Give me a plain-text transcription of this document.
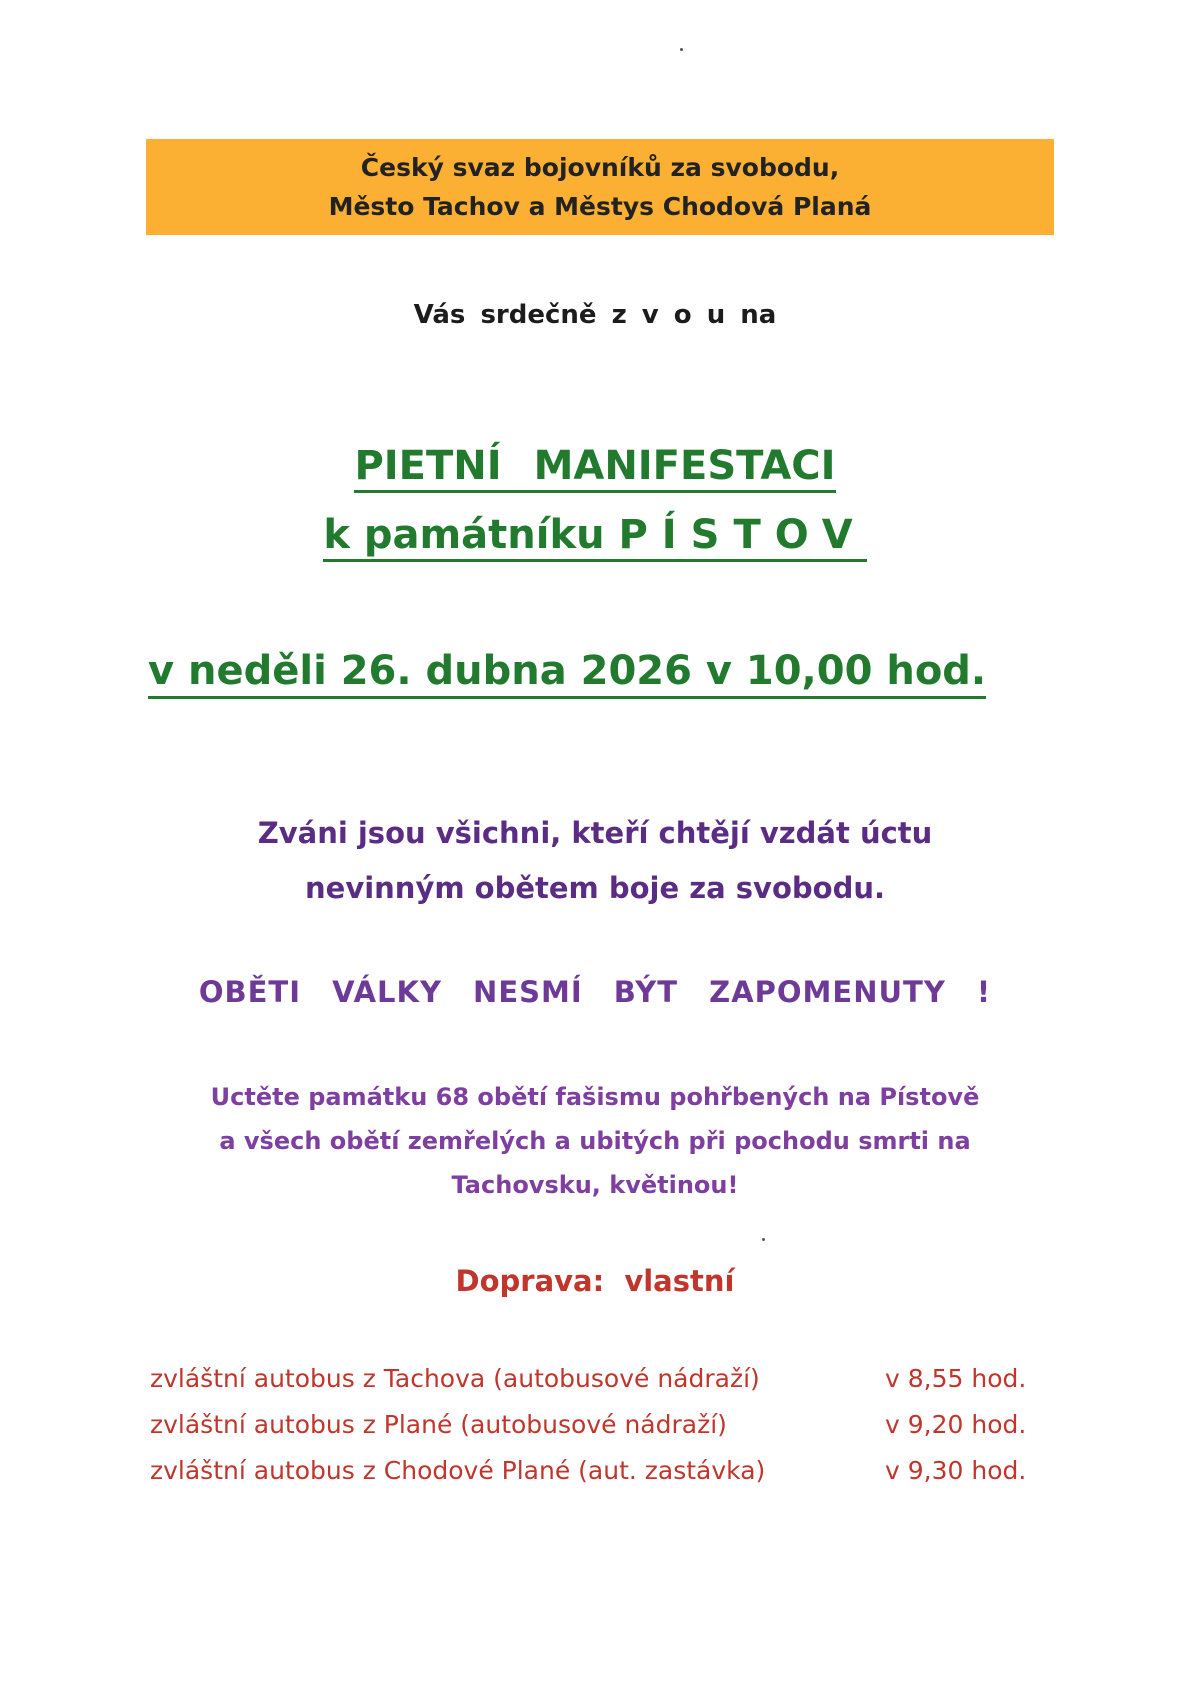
Český svaz bojovníků za svobodu,
Město Tachov a Městys Chodová Planá
Vás srdečně z v o u na
PIETNÍ MANIFESTACI
k památníku PÍSTOV
v neděli 26. dubna 2026 v 10,00 hod.
Zváni jsou všichni, kteří chtějí vzdát úctu
nevinným obětem boje za svobodu.
OBĚTI VÁLKY NESMÍ BÝT ZAPOMENUTY !
Uctěte památku 68 obětí fašismu pohřbených na Pístově
a všech obětí zemřelých a ubitých při pochodu smrti na
Tachovsku, květinou!
Doprava: vlastní
zvláštní autobus z Tachova (autobusové nádraží)	v 8,55 hod.
zvláštní autobus z Plané (autobusové nádraží)	v 9,20 hod.
zvláštní autobus z Chodové Plané (aut. zastávka)	v 9,30 hod.
